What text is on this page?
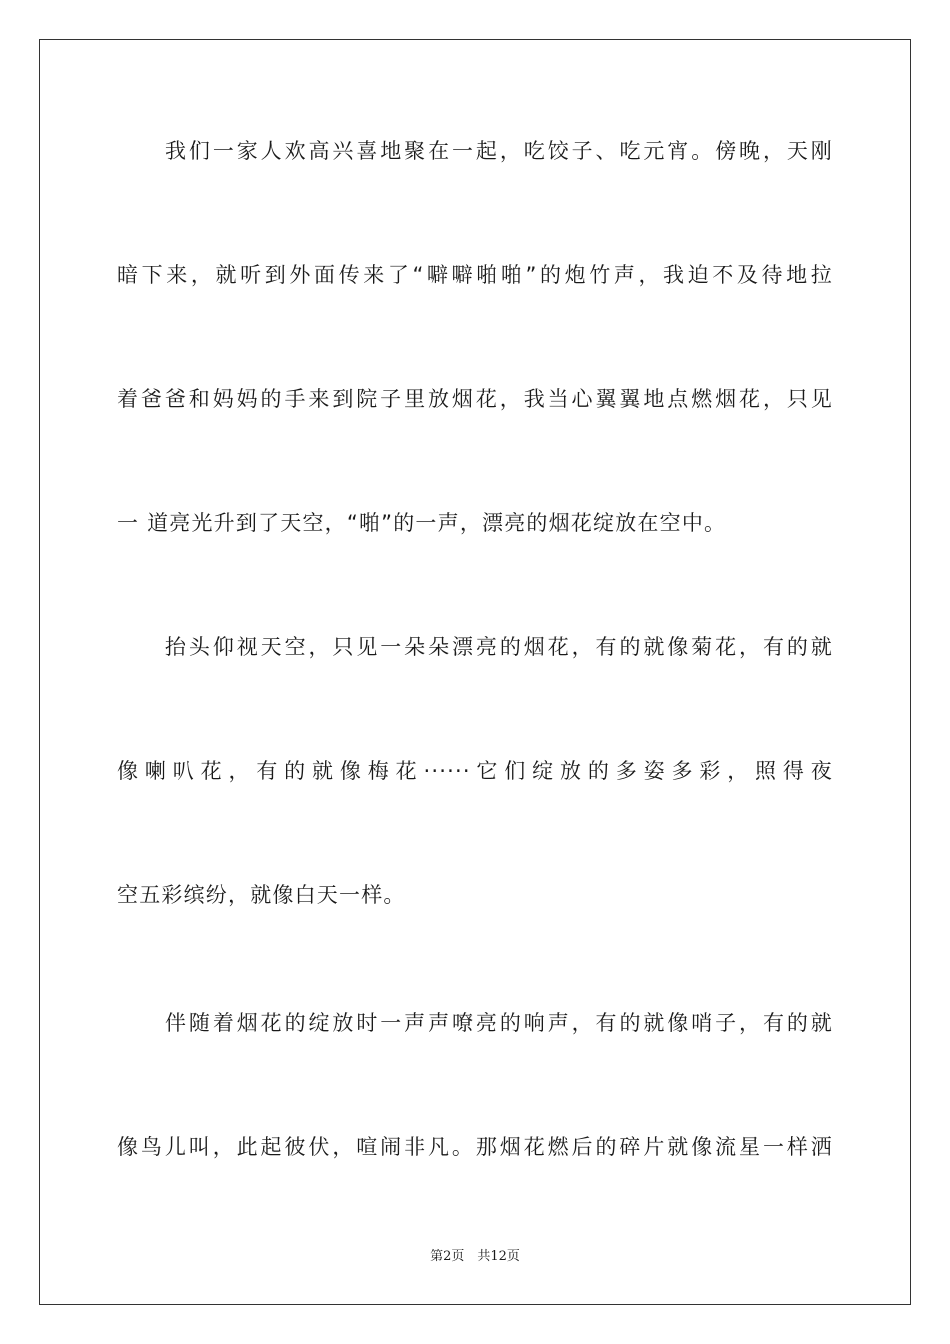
我们一家人欢高兴喜地聚在一起，吃饺子、吃元宵。傍晚，天刚
暗下来，就听到外面传来了“噼噼啪啪”的炮竹声，我迫不及待地拉
着爸爸和妈妈的手来到院子里放烟花，我当心翼翼地点燃烟花，只见
一 道亮光升到了天空，“啪”的一声，漂亮的烟花绽放在空中。
抬头仰视天空，只见一朵朵漂亮的烟花，有的就像菊花，有的就
像喇叭花，有的就像梅花······它们绽放的多姿多彩，照得夜
空五彩缤纷，就像白天一样。
伴随着烟花的绽放时一声声嘹亮的响声，有的就像哨子，有的就
像鸟儿叫，此起彼伏，喧闹非凡。那烟花燃后的碎片就像流星一样洒
第2页　共12页
